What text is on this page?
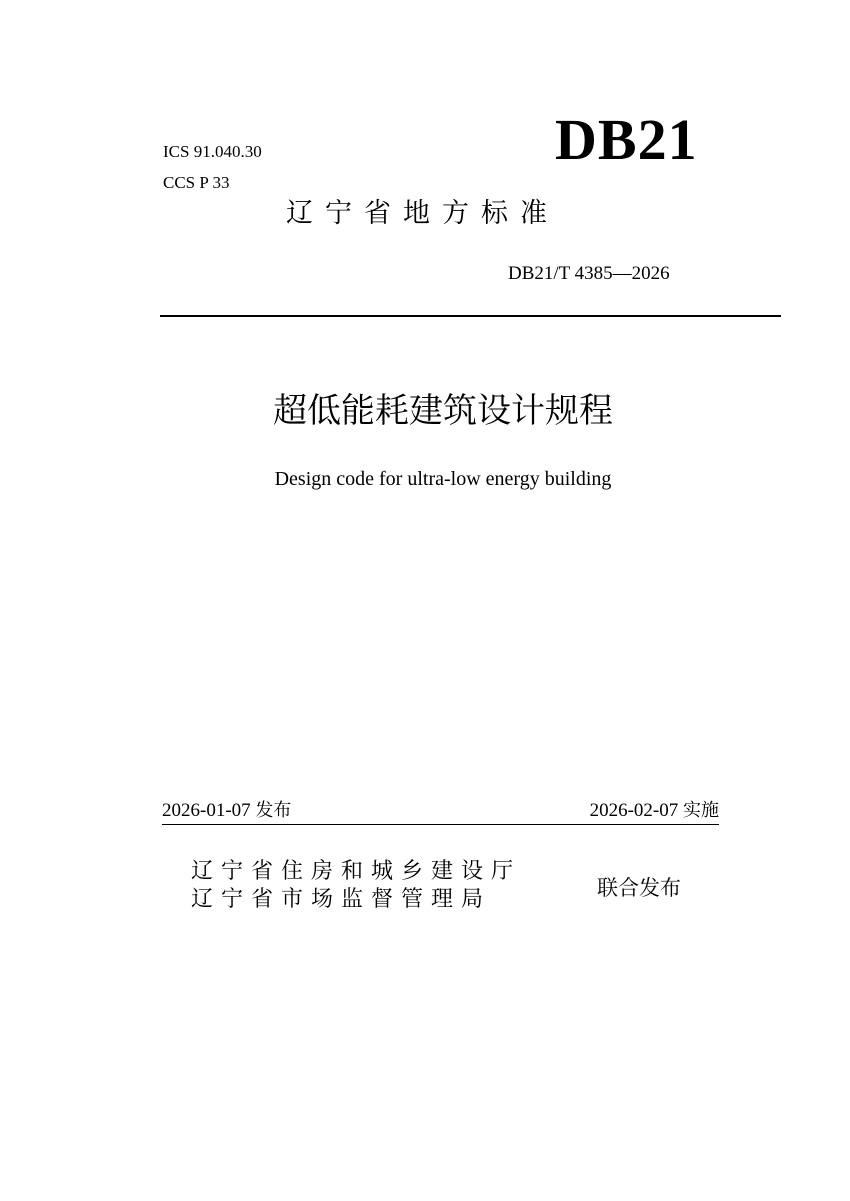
ICS 91.040.30
CCS P 33
DB21
辽宁省地方标准
DB21/T 4385—2026
超低能耗建筑设计规程
Design code for ultra-low energy building
2026-01-07 发布	2026-02-07 实施
辽宁省住房和城乡建设厅
辽宁省市场监督管理局	联合发布
